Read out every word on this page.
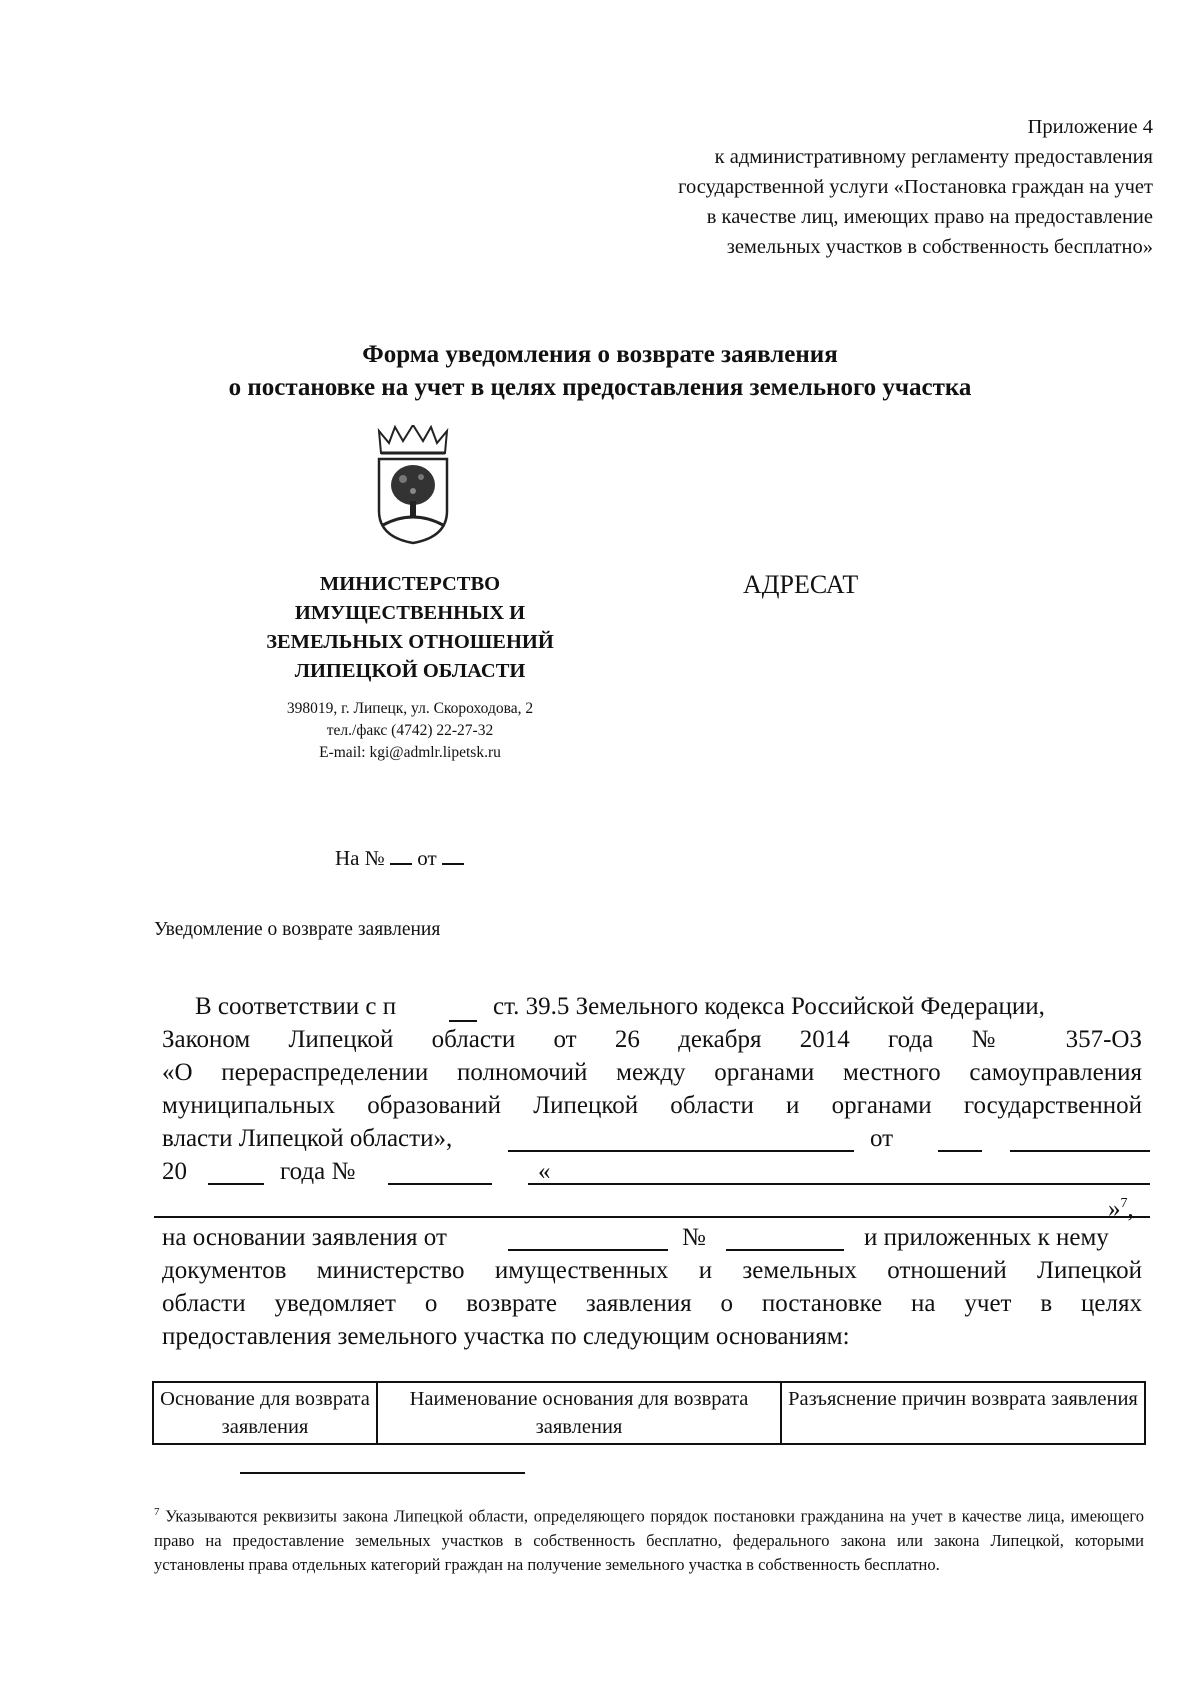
Приложение 4
к административному регламенту предоставления
государственной услуги «Постановка граждан на учет
в качестве лиц, имеющих право на предоставление
земельных участков в собственность бесплатно»
Форма уведомления о возврате заявления
о постановке на учет в целях предоставления земельного участка
МИНИСТЕРСТВО
ИМУЩЕСТВЕННЫХ И
ЗЕМЕЛЬНЫХ ОТНОШЕНИЙ
ЛИПЕЦКОЙ ОБЛАСТИ
398019, г. Липецк, ул. Скороходова, 2
тел./факс (4742) 22-27-32
E-mail: kgi@admlr.lipetsk.ru
АДРЕСАТ
На № от
Уведомление о возврате заявления
В соответствии с п	ст. 39.5 Земельного кодекса Российской Федерации,
Законом Липецкой области от 26 декабря 2014 года № 357-ОЗ
«О перераспределении полномочий между органами местного самоуправления
муниципальных образований Липецкой области и органами государственной
власти Липецкой области»,	от
20	года №	«
»$^7$,
на основании заявления от	№	и приложенных к нему
документов министерство имущественных и земельных отношений Липецкой
области уведомляет о возврате заявления о постановке на учет в целях
предоставления земельного участка по следующим основаниям:
Основание для возврата заявления	Наименование основания для возврата заявления	Разъяснение причин возврата заявления
$^7$ Указываются реквизиты закона Липецкой области, определяющего порядок постановки гражданина на учет в качестве лица, имеющего право на предоставление земельных участков в собственность бесплатно, федерального закона или закона Липецкой, которыми установлены права отдельных категорий граждан на получение земельного участка в собственность бесплатно.
